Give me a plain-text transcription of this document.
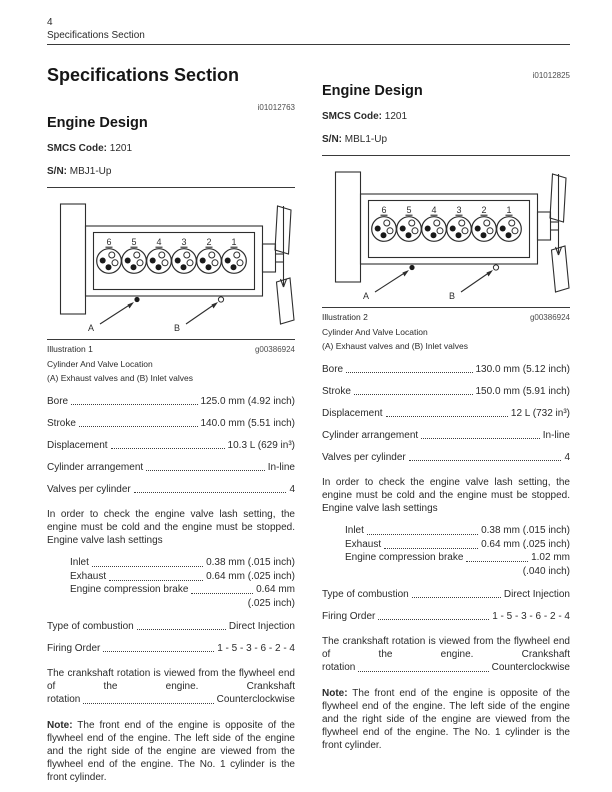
4
Specifications Section
Specifications Section
i01012763
Engine Design

SMCS Code: 1201

S/N: MBJ1-Up

6 5 4 3 2 1
A	B
Illustration 1	g00386924
Cylinder And Valve Location
(A) Exhaust valves and (B) Inlet valves
Bore	125.0 mm (4.92 inch)
Stroke	140.0 mm (5.51 inch)
Displacement	10.3 L (629 in³)
Cylinder arrangement	In-line
Valves per cylinder	4

In order to check the engine valve lash setting, the engine must be cold and the engine must be stopped. Engine valve lash settings

Inlet	0.38 mm (.015 inch)
Exhaust	0.64 mm (.025 inch)
Engine compression brake	0.64 mm
(.025 inch)
Type of combustion	Direct Injection
Firing Order	1 - 5 - 3 - 6 - 2 - 4

The crankshaft rotation is viewed from the flywheel end of the engine. Crankshaft

rotation	Counterclockwise

Note: The front end of the engine is opposite of the flywheel end of the engine. The left side of the engine and the right side of the engine are viewed from the flywheel end of the engine. The No. 1 cylinder is the front cylinder.

i01012825
Engine Design

SMCS Code: 1201

S/N: MBL1-Up

6 5 4 3 2 1
A	B
Illustration 2	g00386924
Cylinder And Valve Location
(A) Exhaust valves and (B) Inlet valves
Bore	130.0 mm (5.12 inch)
Stroke	150.0 mm (5.91 inch)
Displacement	12 L (732 in³)
Cylinder arrangement	In-line
Valves per cylinder	4

In order to check the engine valve lash setting, the engine must be cold and the engine must be stopped. Engine valve lash settings

Inlet	0.38 mm (.015 inch)
Exhaust	0.64 mm (.025 inch)
Engine compression brake	1.02 mm
(.040 inch)
Type of combustion	Direct Injection
Firing Order	1 - 5 - 3 - 6 - 2 - 4

The crankshaft rotation is viewed from the flywheel end of the engine. Crankshaft

rotation	Counterclockwise

Note: The front end of the engine is opposite of the flywheel end of the engine. The left side of the engine and the right side of the engine are viewed from the flywheel end of the engine. The No. 1 cylinder is the front cylinder.
